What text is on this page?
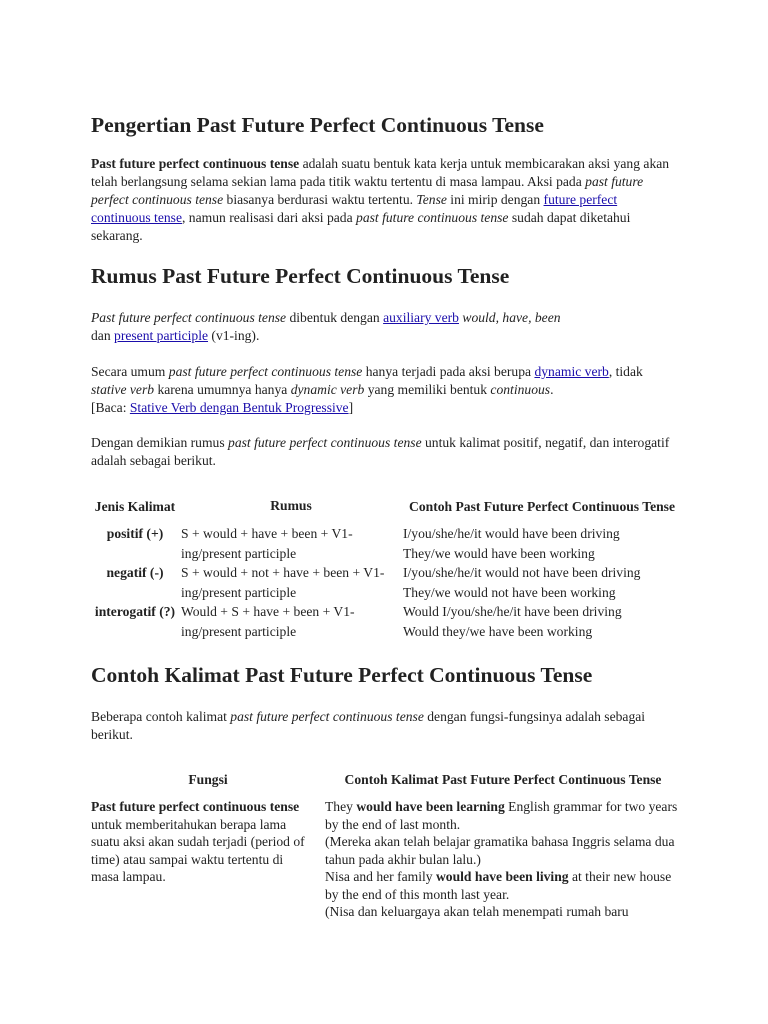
Pengertian Past Future Perfect Continuous Tense

Past future perfect continuous tense adalah suatu bentuk kata kerja untuk membicarakan aksi yang akan telah berlangsung selama sekian lama pada titik waktu tertentu di masa lampau. Aksi pada past future perfect continuous tense biasanya berdurasi waktu tertentu. Tense ini mirip dengan future perfect continuous tense, namun realisasi dari aksi pada past future continuous tense sudah dapat diketahui sekarang.

Rumus Past Future Perfect Continuous Tense

Past future perfect continuous tense dibentuk dengan auxiliary verb would, have, been
dan present participle (v1-ing).

Secara umum past future perfect continuous tense hanya terjadi pada aksi berupa dynamic verb, tidak stative verb karena umumnya hanya dynamic verb yang memiliki bentuk continuous.
[Baca: Stative Verb dengan Bentuk Progressive]

Dengan demikian rumus past future perfect continuous tense untuk kalimat positif, negatif, dan interogatif adalah sebagai berikut.

Jenis Kalimat	Rumus	Contoh Past Future Perfect Continuous Tense
positif (+)	S + would + have + been + V1-ing/present participle	I/you/she/he/it would have been driving
They/we would have been working

negatif (-)	S + would + not + have + been + V1-ing/present participle	I/you/she/he/it would not have been driving
They/we would not have been working

interogatif (?)	Would + S + have + been + V1-ing/present participle	Would I/you/she/he/it have been driving
Would they/we have been working
Contoh Kalimat Past Future Perfect Continuous Tense

Beberapa contoh kalimat past future perfect continuous tense dengan fungsi-fungsinya adalah sebagai berikut.

Fungsi	Contoh Kalimat Past Future Perfect Continuous Tense
Past future perfect continuous tense untuk memberitahukan berapa lama suatu aksi akan sudah terjadi (period of time) atau sampai waktu tertentu di masa lampau.	They would have been learning English grammar for two years by the end of last month.
(Mereka akan telah belajar gramatika bahasa Inggris selama dua tahun pada akhir bulan lalu.)
Nisa and her family would have been living at their new house by the end of this month last year.
(Nisa dan keluargaya akan telah menempati rumah baru
